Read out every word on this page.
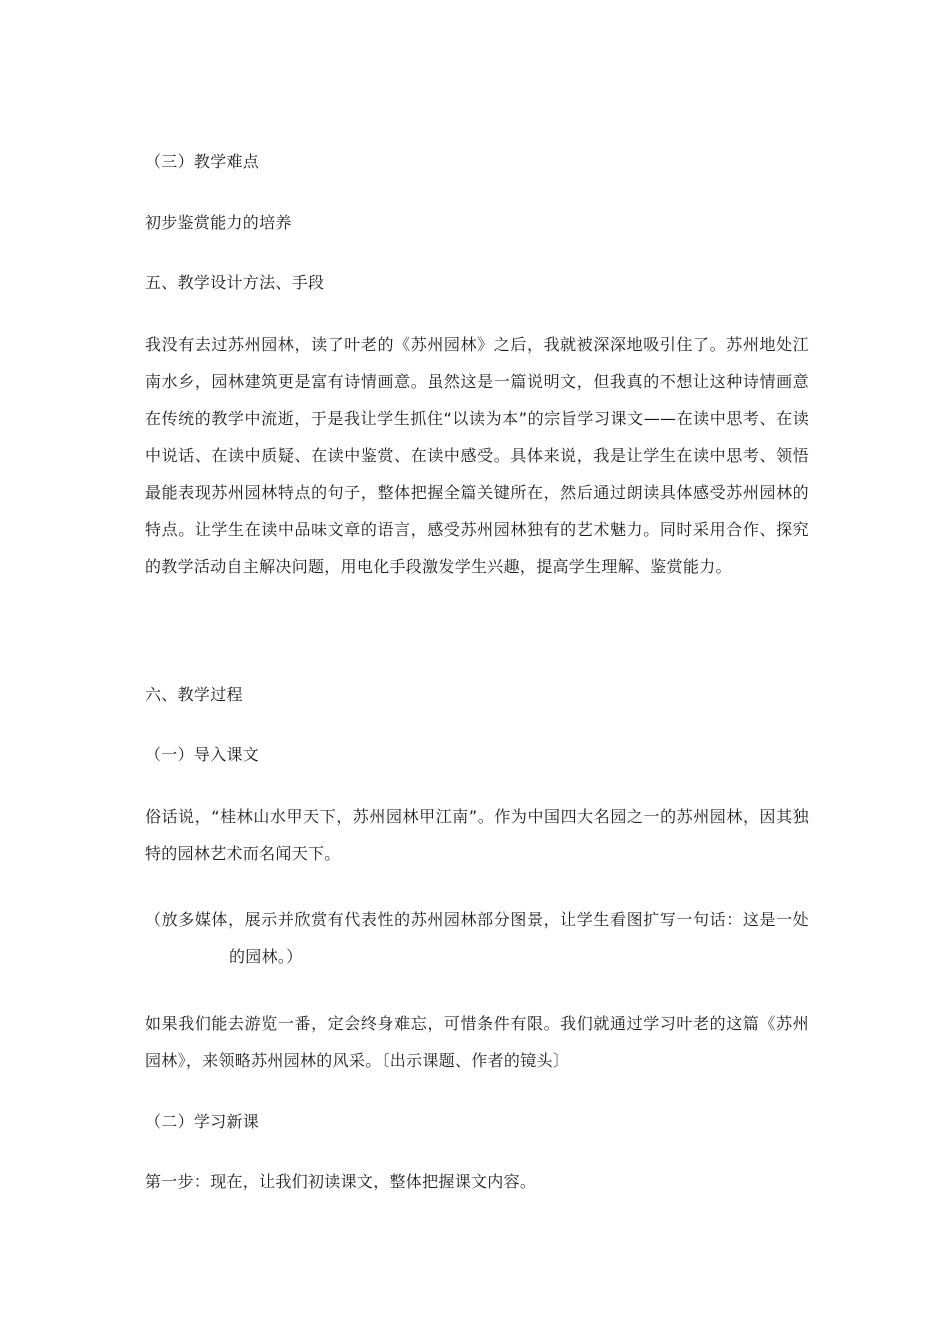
（三）教学难点
初步鉴赏能力的培养
五、教学设计方法、手段
我没有去过苏州园林，读了叶老的《苏州园林》之后，我就被深深地吸引住了。苏州地处江南水乡，园林建筑更是富有诗情画意。虽然这是一篇说明文，但我真的不想让这种诗情画意在传统的教学中流逝，于是我让学生抓住“以读为本”的宗旨学习课文——在读中思考、在读中说话、在读中质疑、在读中鉴赏、在读中感受。具体来说，我是让学生在读中思考、领悟最能表现苏州园林特点的句子，整体把握全篇关键所在，然后通过朗读具体感受苏州园林的特点。让学生在读中品味文章的语言，感受苏州园林独有的艺术魅力。同时采用合作、探究的教学活动自主解决问题，用电化手段激发学生兴趣，提高学生理解、鉴赏能力。
六、教学过程
（一）导入课文
俗话说，“桂林山水甲天下，苏州园林甲江南”。作为中国四大名园之一的苏州园林，因其独特的园林艺术而名闻天下。
（放多媒体，展示并欣赏有代表性的苏州园林部分图景，让学生看图扩写一句话：这是一处的园林。）
如果我们能去游览一番，定会终身难忘，可惜条件有限。我们就通过学习叶老的这篇《苏州园林》，来领略苏州园林的风采。〔出示课题、作者的镜头〕
（二）学习新课
第一步：现在，让我们初读课文，整体把握课文内容。
